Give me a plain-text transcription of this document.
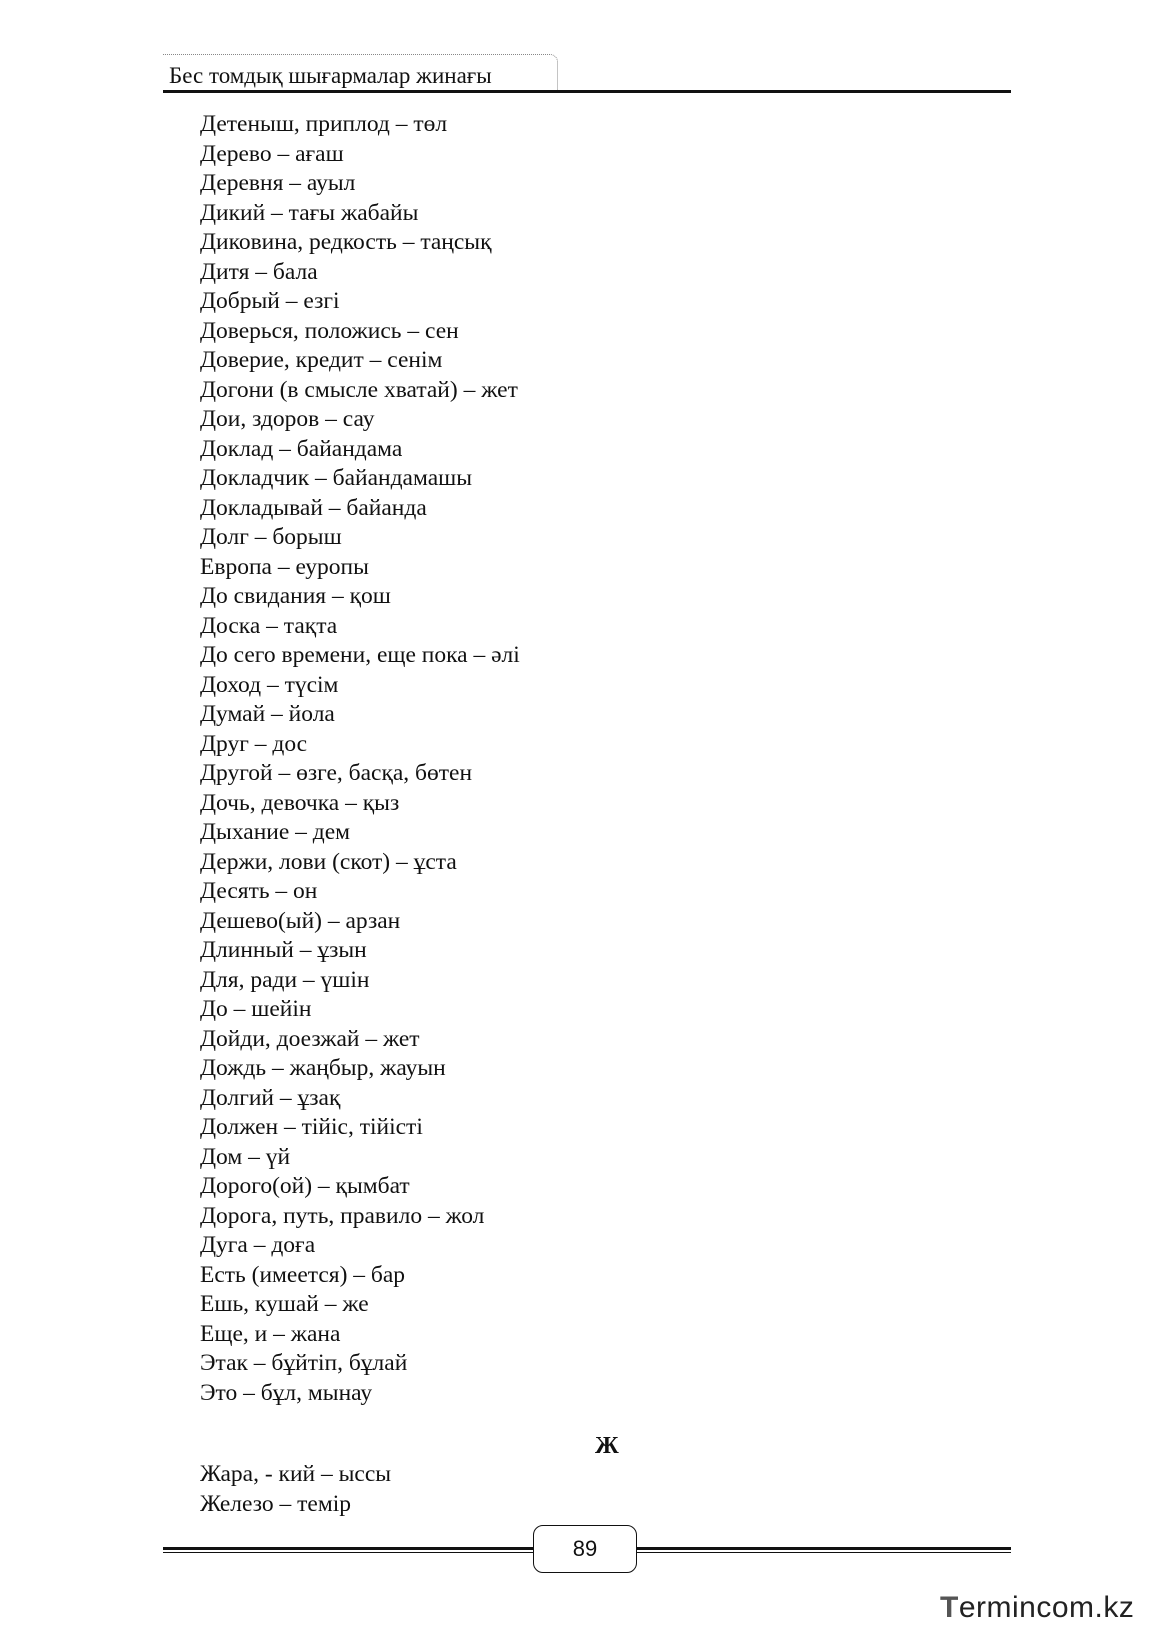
Бес томдық шығармалар жинағы
Детеныш, приплод – төл
Дерево – ағаш
Деревня – ауыл
Дикий – тағы жабайы
Диковина, редкость – таңсық
Дитя – бала
Добрый – езгі
Доверься, положись – сен
Доверие, кредит – сенім
Догони (в смысле хватай) – жет
Дои, здоров – сау
Доклад – байандама
Докладчик – байандамашы
Докладывай – байанда
Долг – борыш
Европа – еуропы
До свидания – қош
Доска – тақта
До сего времени, еще пока – әлі
Доход – түсім
Думай – йола
Друг – дос
Другой – өзге, басқа, бөтен
Дочь, девочка – қыз
Дыхание – дем
Держи, лови (скот) – ұста
Десять – он
Дешево(ый) – арзан
Длинный – ұзын
Для, ради – үшін
До – шейін
Дойди, доезжай – жет
Дождь – жаңбыр, жауын
Долгий – ұзақ
Должен – тійіс, тійісті
Дом – үй
Дорого(ой) – қымбат
Дорога, путь, правило – жол
Дуга – доға
Есть (имеется) – бар
Ешь, кушай – же
Еще, и – жана
Этак – бұйтіп, бұлай
Это – бұл, мынау
Ж
Жара, - кий – ыссы
Железо – темір
89
Termincom.kz
